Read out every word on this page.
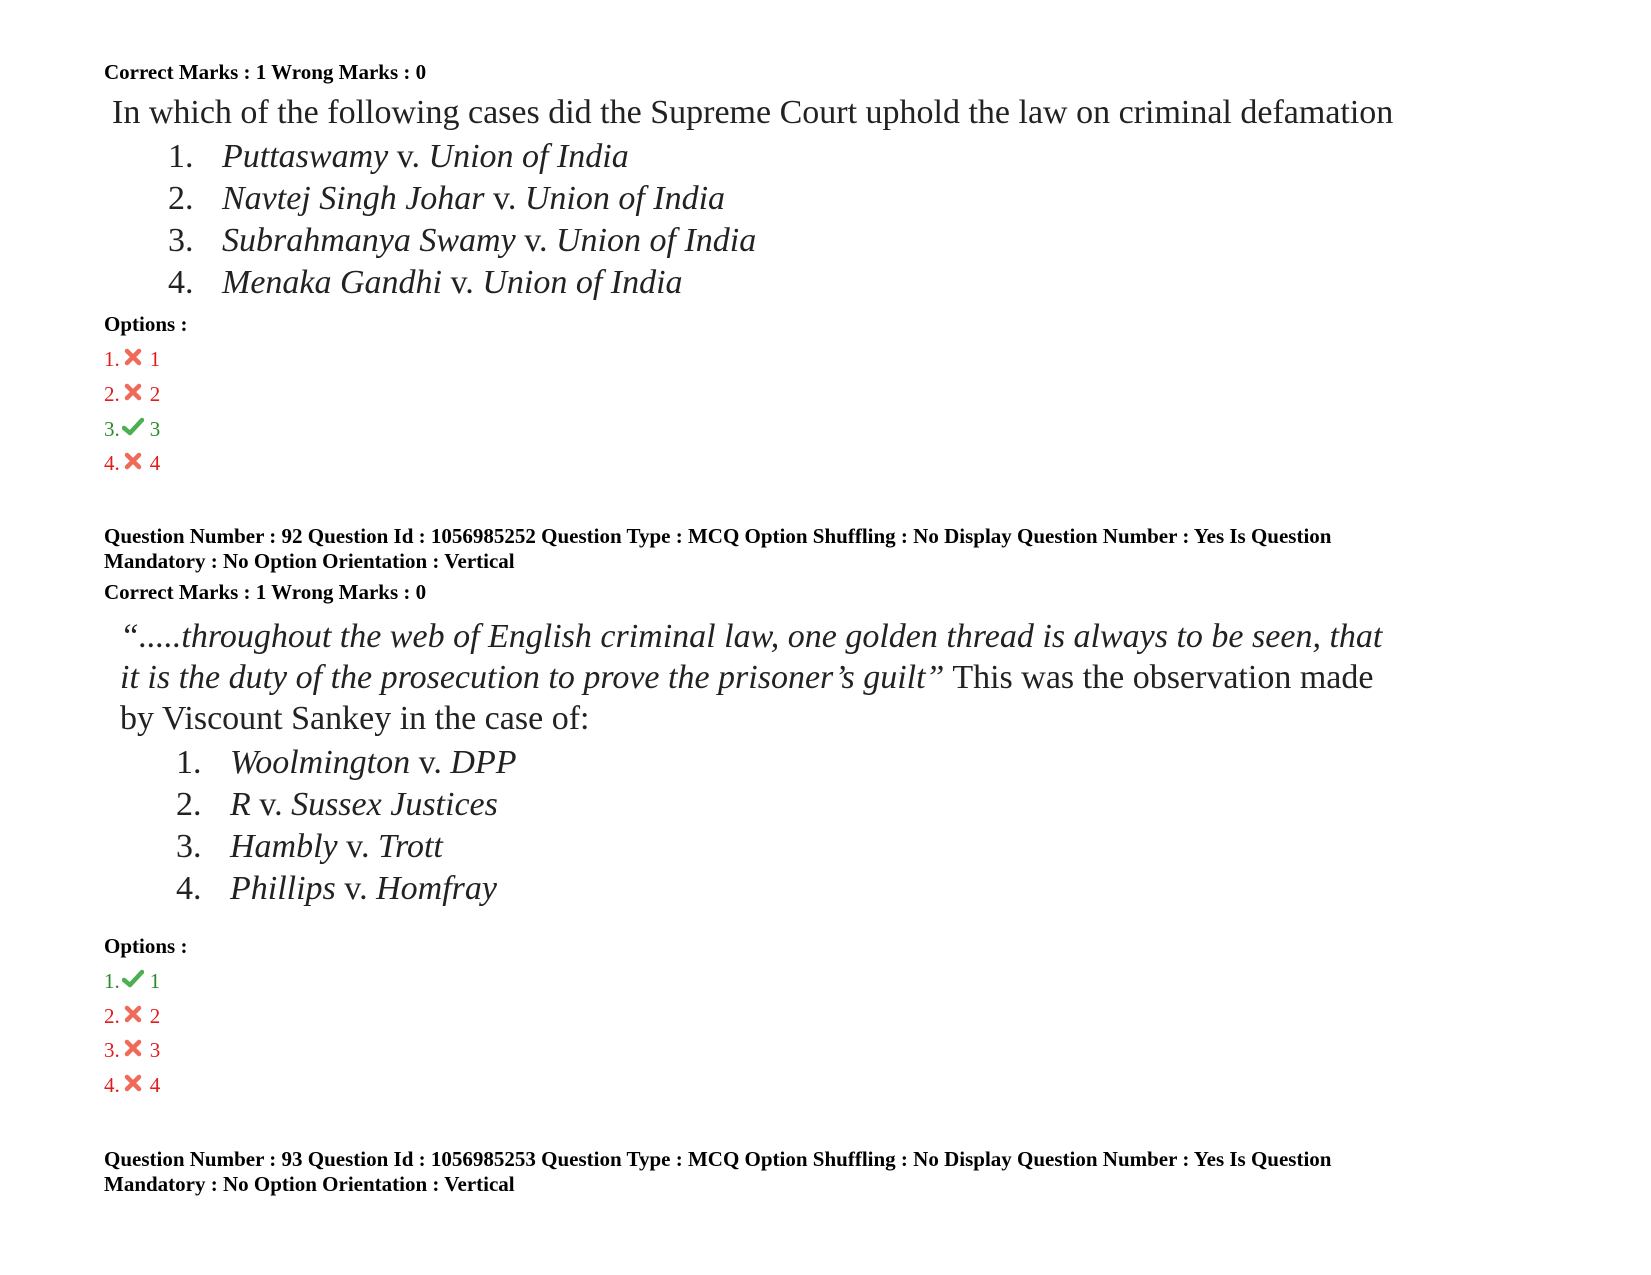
Correct Marks : 1 Wrong Marks : 0
In which of the following cases did the Supreme Court uphold the law on criminal defamation
1. Puttaswamy v. Union of India
2. Navtej Singh Johar v. Union of India
3. Subrahmanya Swamy v. Union of India
4. Menaka Gandhi v. Union of India
Options :
1. 1
2. 2
3. 3
4. 4
Question Number : 92 Question Id : 1056985252 Question Type : MCQ Option Shuffling : No Display Question Number : Yes Is Question
Mandatory : No Option Orientation : Vertical
Correct Marks : 1 Wrong Marks : 0
“.....throughout the web of English criminal law, one golden thread is always to be seen, that
it is the duty of the prosecution to prove the prisoner’s guilt” This was the observation made
by Viscount Sankey in the case of:
1. Woolmington v. DPP
2. R v. Sussex Justices
3. Hambly v. Trott
4. Phillips v. Homfray
Options :
1. 1
2. 2
3. 3
4. 4
Question Number : 93 Question Id : 1056985253 Question Type : MCQ Option Shuffling : No Display Question Number : Yes Is Question
Mandatory : No Option Orientation : Vertical
